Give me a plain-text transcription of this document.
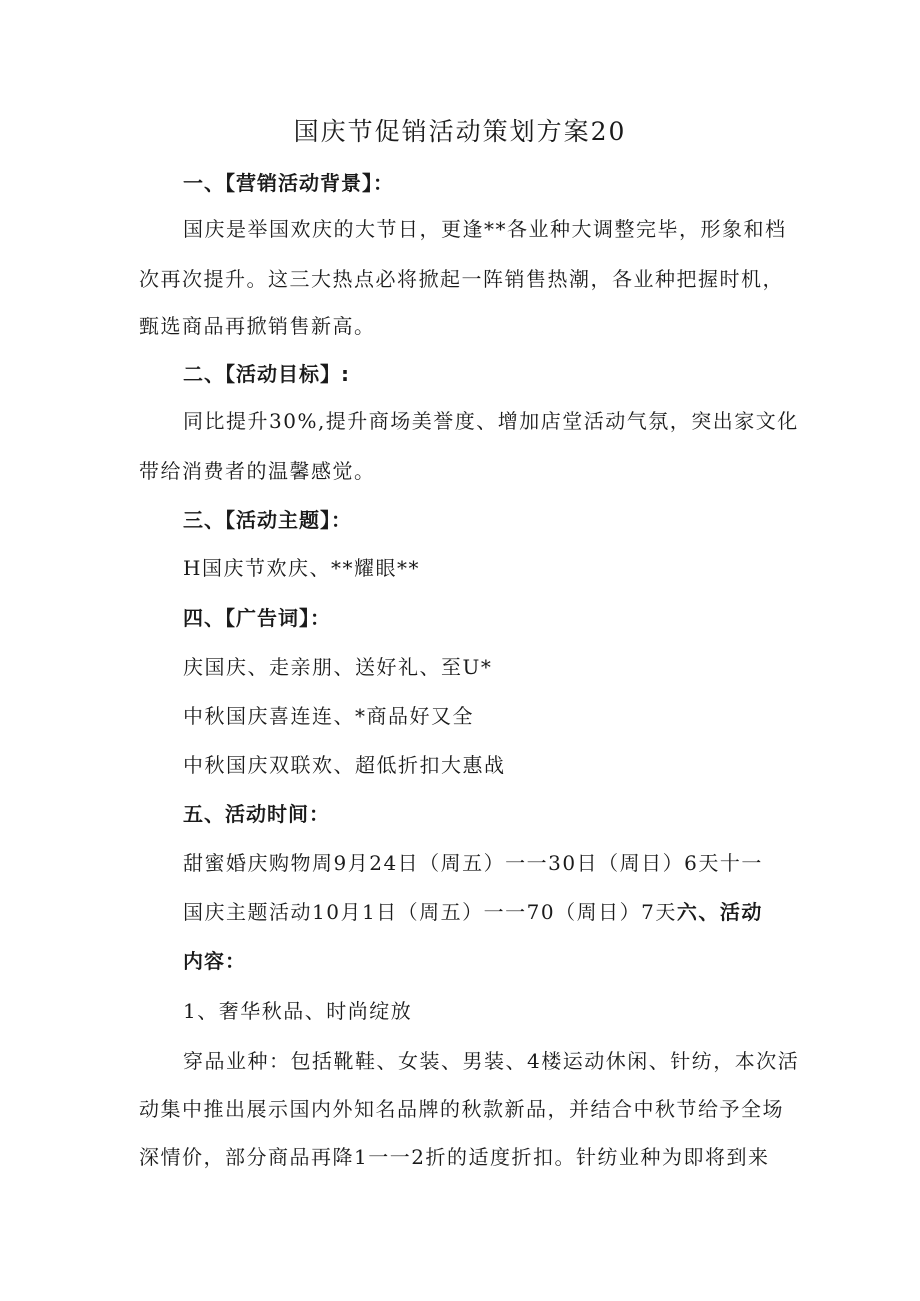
国庆节促销活动策划方案20
一、【营销活动背景】：
国庆是举国欢庆的大节日，更逢**各业种大调整完毕，形象和档
次再次提升。这三大热点必将掀起一阵销售热潮，各业种把握时机，
甄选商品再掀销售新高。
二、【活动目标】:
同比提升30%,提升商场美誉度、增加店堂活动气氛，突出家文化
带给消费者的温馨感觉。
三、【活动主题】：
H国庆节欢庆、**耀眼**
四、【广告词】：
庆国庆、走亲朋、送好礼、至U*
中秋国庆喜连连、*商品好又全
中秋国庆双联欢、超低折扣大惠战
五、活动时间：
甜蜜婚庆购物周9月24日（周五）一一30日（周日）6天十一
国庆主题活动10月1日（周五）一一70（周日）7天六、活动
内容：
1、奢华秋品、时尚绽放
穿品业种：包括靴鞋、女装、男装、4楼运动休闲、针纺，本次活
动集中推出展示国内外知名品牌的秋款新品，并结合中秋节给予全场
深情价，部分商品再降1一一2折的适度折扣。针纺业种为即将到来
